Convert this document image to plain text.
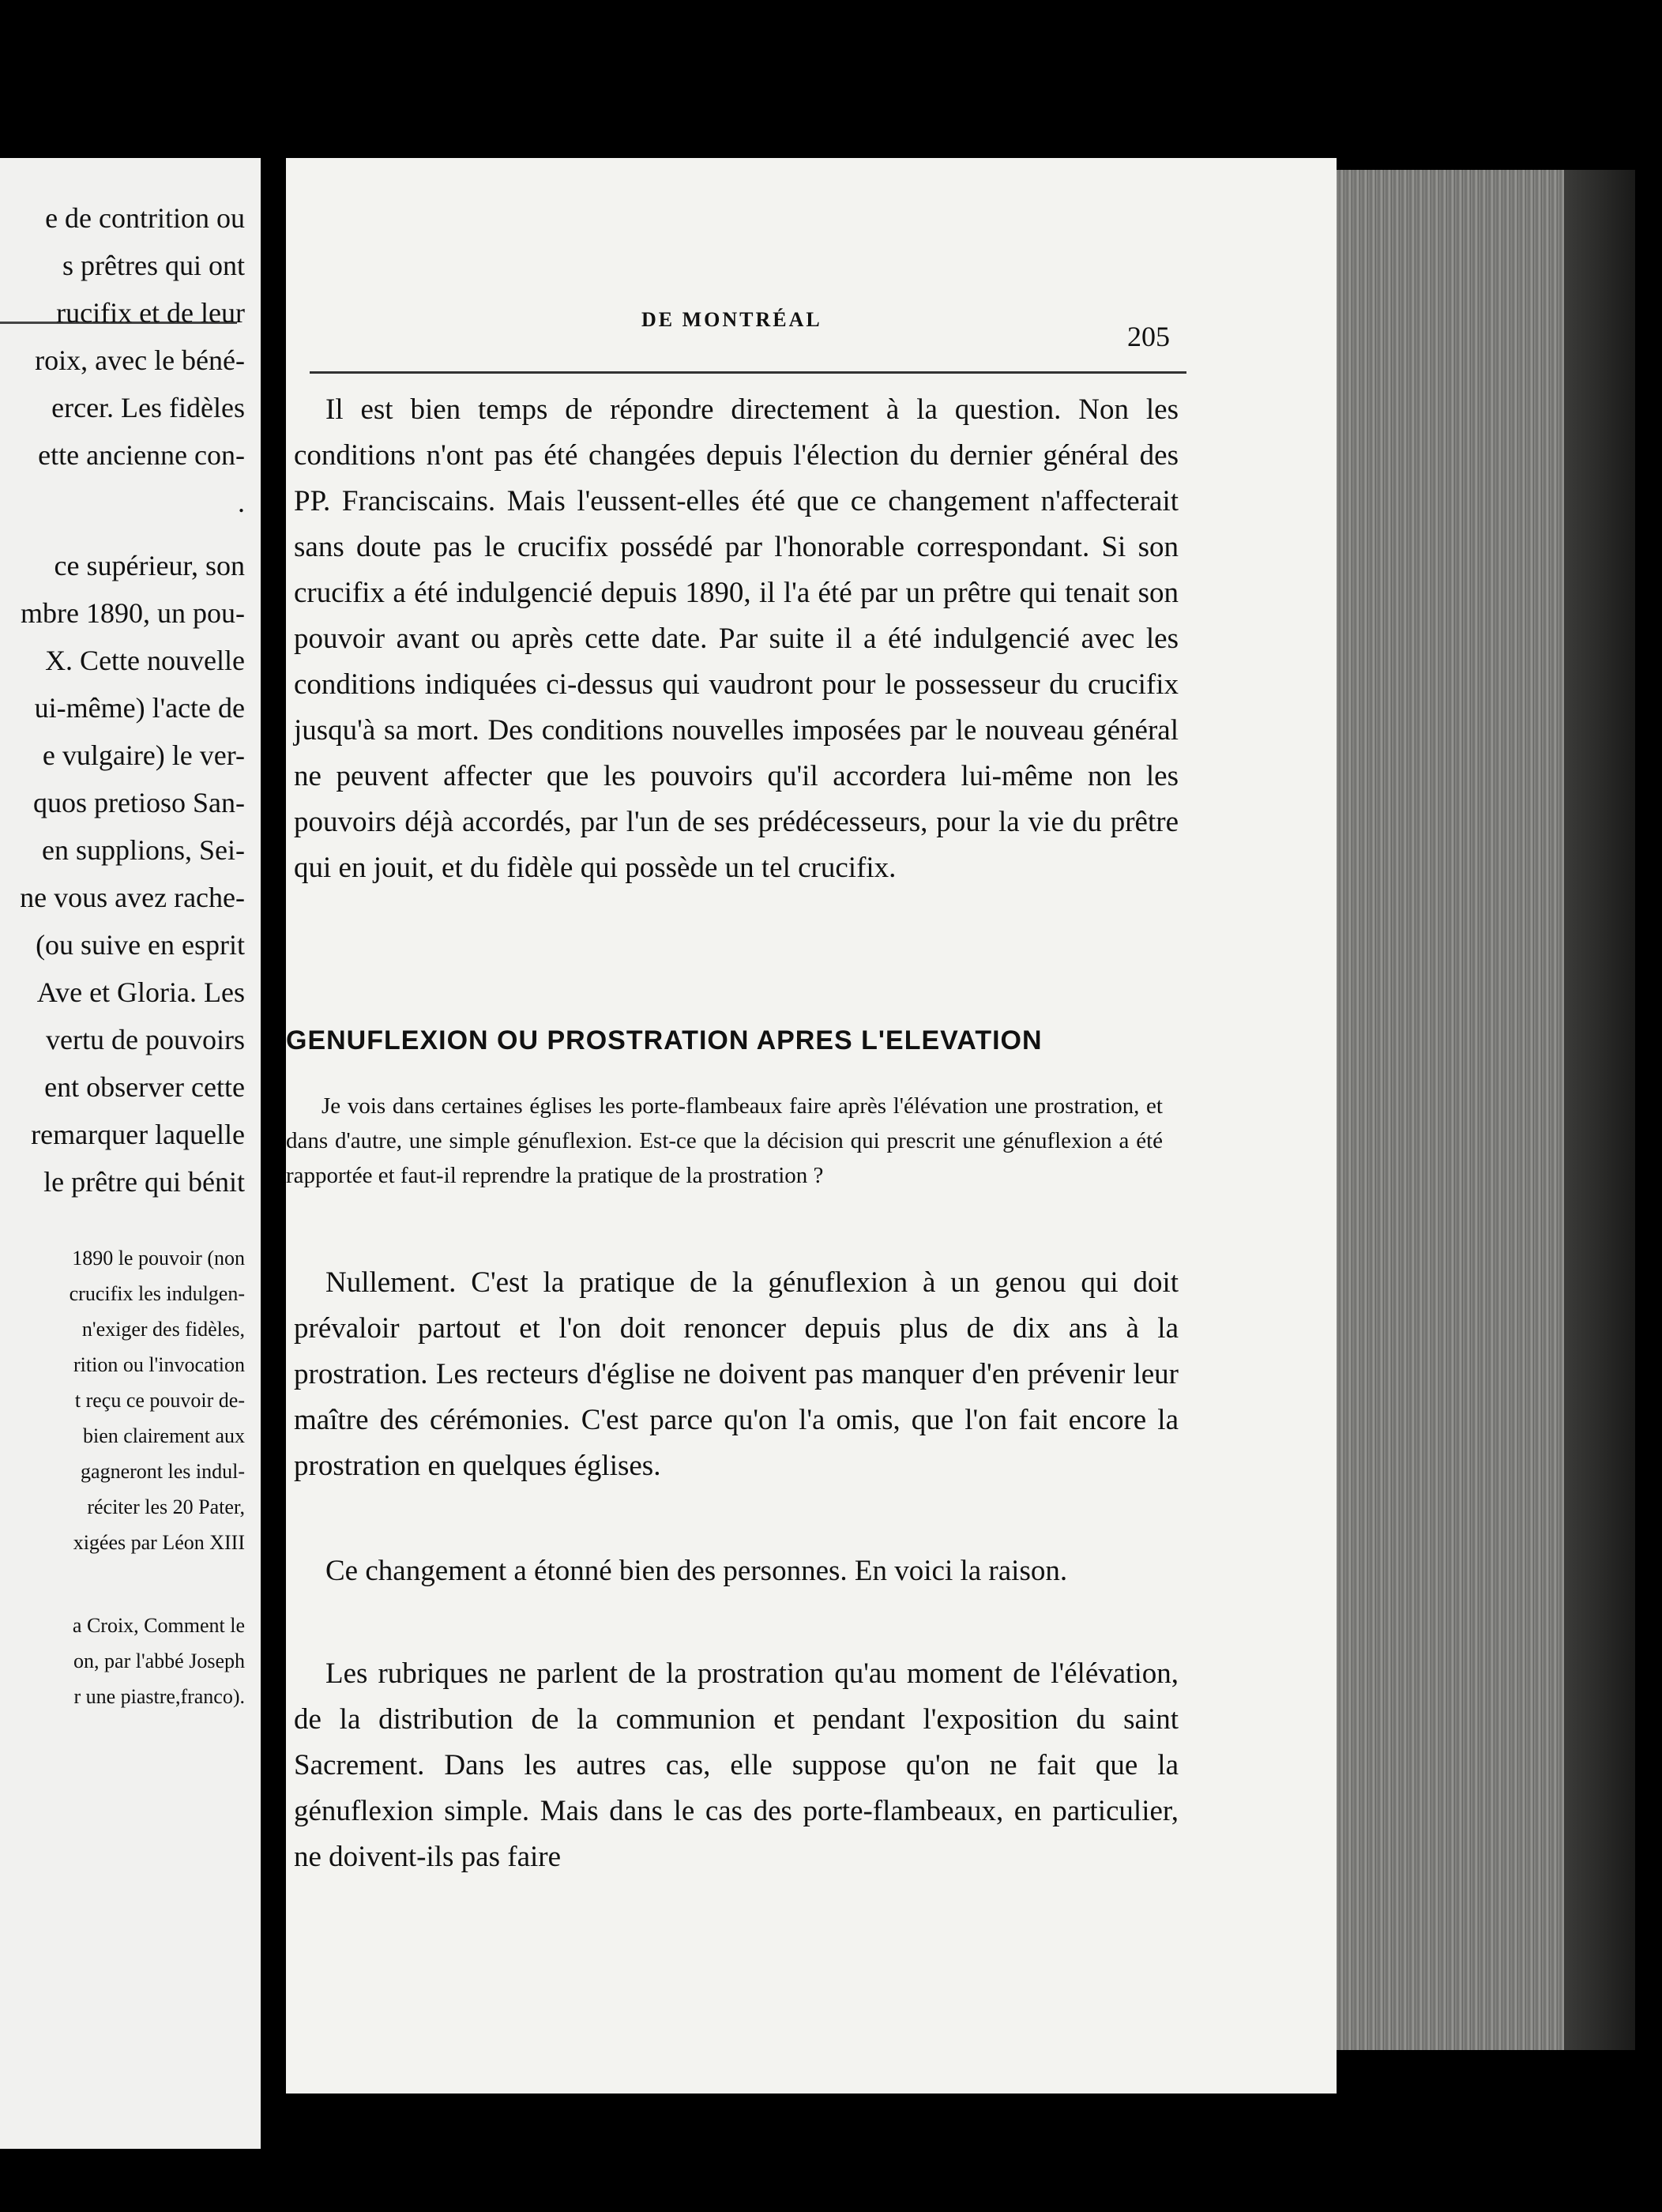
e de contrition ou
s prêtres qui ont
rucifix et de leur
roix, avec le béné-
ercer. Les fidèles
ette ancienne con-
.
ce supérieur, son
mbre 1890, un pou-
X. Cette nouvelle
ui-même) l'acte de
e vulgaire) le ver-
quos pretioso San-
en supplions, Sei-
ne vous avez rache-
(ou suive en esprit
Ave et Gloria. Les
vertu de pouvoirs
ent observer cette
remarquer laquelle
le prêtre qui bénit
1890 le pouvoir (non
crucifix les indulgen-
n'exiger des fidèles,
rition ou l'invocation
t reçu ce pouvoir de-
bien clairement aux
gagneront les indul-
réciter les 20 Pater,
xigées par Léon XIII
a Croix, Comment le
on, par l'abbé Joseph
r une piastre,franco).
DE MONTRÉAL
205

Il est bien temps de répondre directement à la question. Non les conditions n'ont pas été changées depuis l'élection du dernier général des PP. Franciscains. Mais l'eussent-elles été que ce changement n'affecterait sans doute pas le crucifix possédé par l'honorable correspondant. Si son crucifix a été indulgencié depuis 1890, il l'a été par un prêtre qui tenait son pouvoir avant ou après cette date. Par suite il a été indulgencié avec les conditions indiquées ci-dessus qui vaudront pour le possesseur du crucifix jusqu'à sa mort. Des conditions nouvelles imposées par le nouveau général ne peuvent affecter que les pouvoirs qu'il accordera lui-même non les pouvoirs déjà accordés, par l'un de ses prédécesseurs, pour la vie du prêtre qui en jouit, et du fidèle qui possède un tel crucifix.

GENUFLEXION OU PROSTRATION APRES L'ELEVATION

Je vois dans certaines églises les porte-flambeaux faire après l'élévation une prostration, et dans d'autre, une simple génuflexion. Est-ce que la décision qui prescrit une génuflexion a été rapportée et faut-il reprendre la pratique de la prostration ?

Nullement. C'est la pratique de la génuflexion à un genou qui doit prévaloir partout et l'on doit renoncer depuis plus de dix ans à la prostration. Les recteurs d'église ne doivent pas manquer d'en prévenir leur maître des cérémonies. C'est parce qu'on l'a omis, que l'on fait encore la prostration en quelques églises.

Ce changement a étonné bien des personnes. En voici la raison.

Les rubriques ne parlent de la prostration qu'au moment de l'élévation, de la distribution de la communion et pendant l'exposition du saint Sacrement. Dans les autres cas, elle suppose qu'on ne fait que la génuflexion simple. Mais dans le cas des porte-flambeaux, en particulier, ne doivent-ils pas faire
